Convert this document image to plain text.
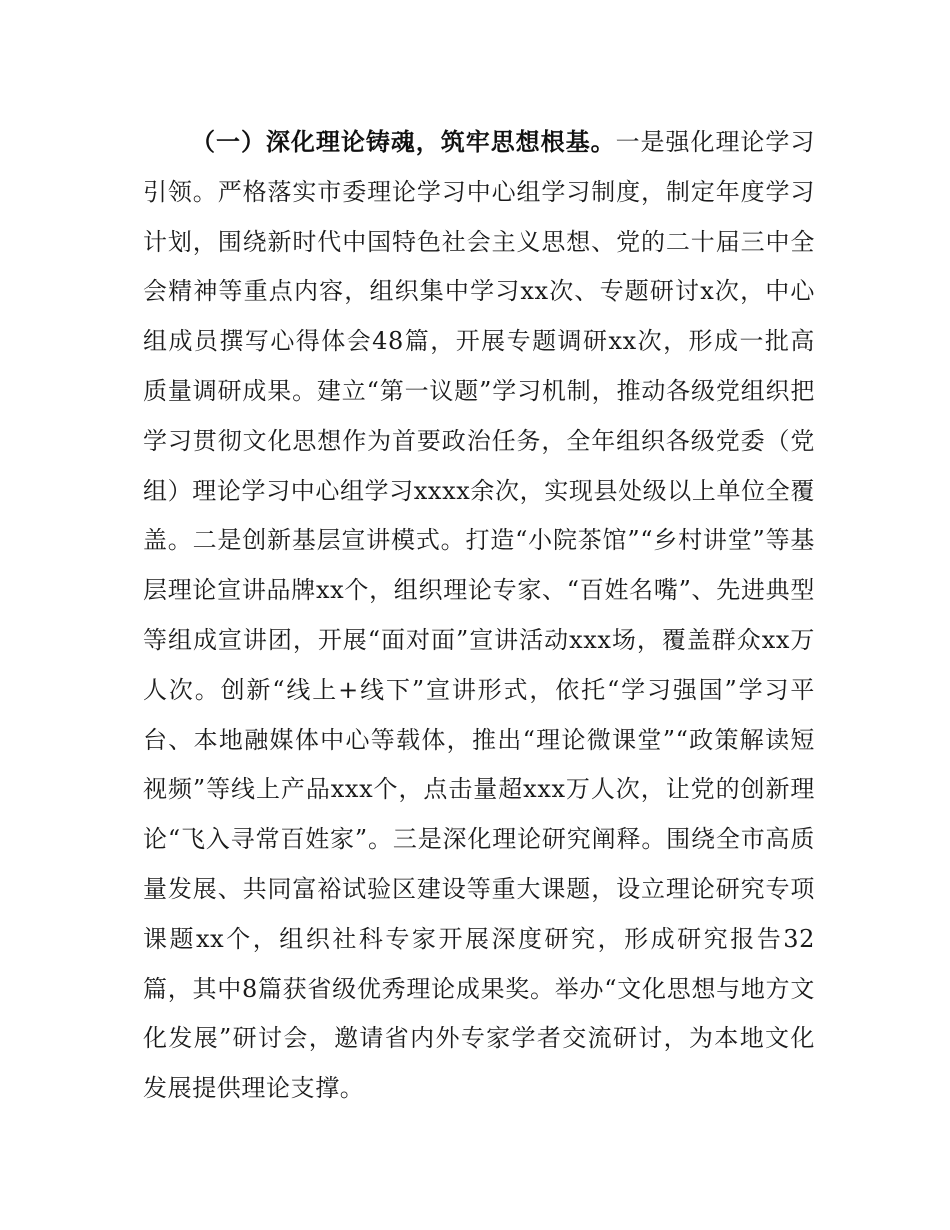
（一）深化理论铸魂，筑牢思想根基。一是强化理论学习引领。严格落实市委理论学习中心组学习制度，制定年度学习计划，围绕新时代中国特色社会主义思想、党的二十届三中全会精神等重点内容，组织集中学习xx次、专题研讨x次，中心组成员撰写心得体会48篇，开展专题调研xx次，形成一批高质量调研成果。建立“第一议题”学习机制，推动各级党组织把学习贯彻文化思想作为首要政治任务，全年组织各级党委（党组）理论学习中心组学习xxxx余次，实现县处级以上单位全覆盖。二是创新基层宣讲模式。打造“小院茶馆”“乡村讲堂”等基层理论宣讲品牌xx个，组织理论专家、“百姓名嘴”、先进典型等组成宣讲团，开展“面对面”宣讲活动xxx场，覆盖群众xx万人次。创新“线上+线下”宣讲形式，依托“学习强国”学习平台、本地融媒体中心等载体，推出“理论微课堂”“政策解读短视频”等线上产品xxx个，点击量超xxx万人次，让党的创新理论“飞入寻常百姓家”。三是深化理论研究阐释。围绕全市高质量发展、共同富裕试验区建设等重大课题，设立理论研究专项课题xx个，组织社科专家开展深度研究，形成研究报告32篇，其中8篇获省级优秀理论成果奖。举办“文化思想与地方文化发展”研讨会，邀请省内外专家学者交流研讨，为本地文化发展提供理论支撑。
